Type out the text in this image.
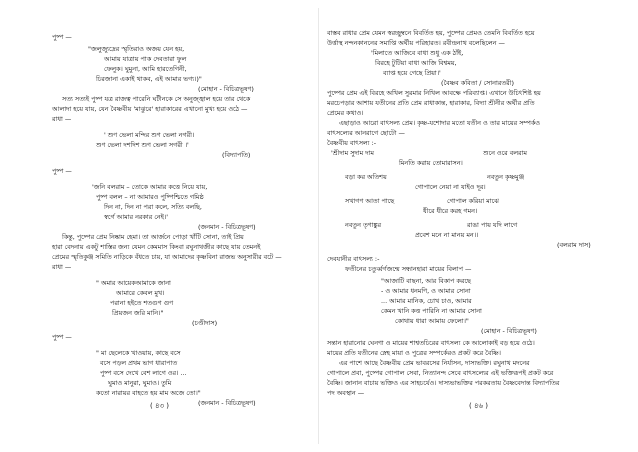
পুষ্প —
"জলুজ্যুদ্রের স্মৃতিরাও অজয় যেন হয়,
আমায় যাত্রায় পাক দেবতারা ফুল
ফেলুক। ঘুমুনা, আমি হারতেগিনী,
চিরজানা একাই থাকব, এই আমার ভগ্য।)"
(মোহান - বিচিত্রভূষণ)
সত্য সত্যই পুষ্প যত্র রাজত্ব পারেনি ঘটীনকে সে অনুজ্জ্বাল হয়ে তার থেকে
আলাদা হয়ে যায়, যেন বৈষ্ণবীয় 'মাঝুরে' হারাকারের এখানো মুখ্য হয়ে ওঠে —
রাধা —
' শুণ ভেলা মন্দির শুণ ভেলা নগরী।
শুণ ভেলা দশদিশ শুণ ভেলা সগরী ।'
(বিদ্যাপতি)
পুষ্প —
'জনি বলরাম – তোকে আমার কত্তে নিয়ে যায়,
পুষ্প বলল – না আমারও পুষ্পিশ্চিতে গমিষ্ঠ
দিন না, দিন না পরা কলে, সত্যি বলছি,
স্বর্গে আমার নরকার নেই।'
(জনমান - বিচিত্রভূষণ)
কিন্তু, পুষ্পের প্রেম নিষ্কাম হেমা। তা আর্জনে পোড়া খাঁটি সোনা, তাই প্রিয়
হারা বেদনায় একটু শাস্তির জন্য যেমন কেমমাস কিংবা রঘুনাথজীর কাছে যায় তেমনই
প্রেমের স্মৃতিকুঞ্জ সমিতি নাড়িকে বঁধতে চায়, যা আমাদের কৃষ্ণবিনা রাজভ অনুসারীর বটে —
রাধা —
" অমার আয়েকআমাকে জানা
আমারে কেবল মুখ।
পরানা হইতে শতগুণ গুণ
প্রিয়জন জরি মানি।"
(চণ্ডীদাস)
পুষ্প —
" মা ছেলেকে খাওয়ায়, কাছে বসে
বসে পড়ল প্রথম ভাগ ধারাপাত
পুষ্প বসে দেখে বেশ লাগে ওর। ...
ঘুমাও মানুরা, ঘুমাও। তুমি
কতো নারায়র বাহতে হয় মাম অজে তো।"
(জনমান - বিচিত্রভূষণ)
( ৪৩ )
বাস্তব রাধার প্রেম যেমন স্বরচ্ছুম্বনে বিবর্তিত হয়, পুষ্পের প্রেমও তেমনি বিবর্তিত হয়ে
উর্ত্তাস্থ নন্দনকাননের সমাপ্তি অর্ঘীয় পরিহারত। রবীন্দ্রনাথ বলেছিলেন —
'মিলাতে আজিবে বাধা শুধু এক ঠাঁই,
বিরহে টুটিয়া বাধা আজি বিশ্বময়,
ব্যাপ্ত হয়ে গেছে প্রিয়া।'
(বৈষ্ণব কবিতা / সোনারতরী)
পুষ্পের প্রেম এই বিরহে অখিল সুরমার নিখিল আবক্ষে পরিব্যাপ্ত। এখানে উচিৎশিষ্ট হয়
মরচেপড়ার আশায় যতীনের প্রতি প্রেম রাধাকান্ত, হারাকার, বিদ্যা শ্রীনীর অর্ঘীর প্রতি
প্রেমের কথাও।
এছাড়াও আরো বাৎসল্য প্রেম। কৃষ্ণ-যশোদার মতো যতীন ও তার মায়ের সম্পর্কও
বাৎসল্যের আনরাগে ছোটো —
বৈষ্ণবীয় বাৎসল্য :-
'শ্রীদাম সুদাম দাম	শুনে ওরে বলরাম
মিনতি করায় তোমারাসন।
বড়া কর অতিশয়	নবতুন কৃষ্ণমুঞ্জ
গোপালে নেয়া না যাইও দূর।
সখাগণ আতা পাছে	গোপাল করিয়া মাঝে
ধীরে ধীরে করহ গমন।
নবতুন তৃণাঙ্কুর	রাঙা পায় যদি লাগে
প্রবেশ মনে না মানয় মন।।
(বলরাম দাস)
দেবযানীর বাৎসল্য :-
ফতীনের চতুর্ব্বর্গজন্মে সন্ধানহারা মায়ের বিলাপ —
"আজাটি বাছনা, আর বিকাপ করছে
- ও আমার ধনমণি, ও আমার সোনা
... আমার মানিক, চোখ চাও, আমার
কেমন খানি কত্ত পারিনি না আমার সোনা
কোথায় ধারা আমায় ফেলো।"
(মোহান - বিচিত্রভূষণ)
সন্তান হারানোর ঘেনণা ও মায়ের শাশ্বতচিরের বাৎসল্য কে আলোকাই বড় হয়ে ওঠে।
মায়ের প্রতি যতীনের স্নেহ মায়া ও পুত্রের সম্পর্কেরও প্রকট করে বৈষ্ণি।
এর পাশে আছে বৈষ্ণবীয় প্রেম ভাবরসের নির্যাসন, দাস্যভক্তি। রঘুনাথ মদনের
গোপালে প্রবা, পুষ্পের গোপাল সেবা, নিত্যানন্দ সেবে বাৎসল্যের এই ভক্তিরূপই প্রকট করে
বৈষ্ণি। জানান বাচায় ভক্তিও এর সাহচর্যেও। দাস্যভাভক্তির পরকরতায় বৈষ্ণবেদান্ত বিদ্যাপতির
পদ অবস্থান —
( ৪৬ )
